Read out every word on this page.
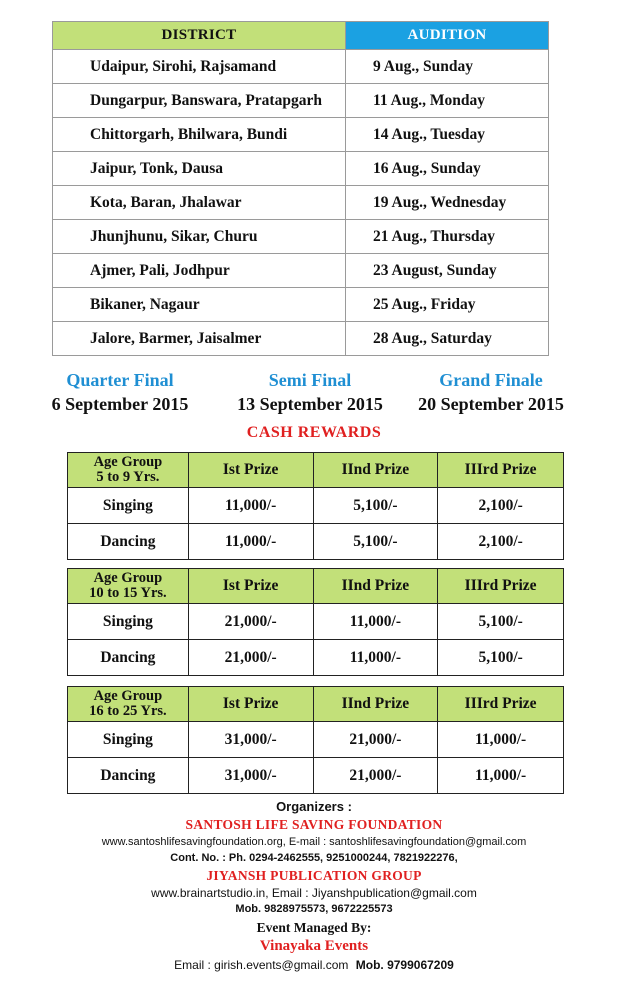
DISTRICT	AUDITION
Udaipur, Sirohi, Rajsamand	9 Aug., Sunday
Dungarpur, Banswara, Pratapgarh	11 Aug., Monday
Chittorgarh, Bhilwara, Bundi	14 Aug., Tuesday
Jaipur, Tonk, Dausa	16 Aug., Sunday
Kota, Baran, Jhalawar	19 Aug., Wednesday
Jhunjhunu, Sikar, Churu	21 Aug., Thursday
Ajmer, Pali, Jodhpur	23 August, Sunday
Bikaner, Nagaur	25 Aug., Friday
Jalore, Barmer, Jaisalmer	28 Aug., Saturday
Quarter Final
6 September 2015
Semi Final
13 September 2015
Grand Finale
20 September 2015
CASH REWARDS
Age Group
5 to 9 Yrs.	Ist Prize	IInd Prize	IIIrd Prize
Singing	11,000/-	5,100/-	2,100/-
Dancing	11,000/-	5,100/-	2,100/-
Age Group
10 to 15 Yrs.	Ist Prize	IInd Prize	IIIrd Prize
Singing	21,000/-	11,000/-	5,100/-
Dancing	21,000/-	11,000/-	5,100/-
Age Group
16 to 25 Yrs.	Ist Prize	IInd Prize	IIIrd Prize
Singing	31,000/-	21,000/-	11,000/-
Dancing	31,000/-	21,000/-	11,000/-
Organizers :
SANTOSH LIFE SAVING FOUNDATION
www.santoshlifesavingfoundation.org, E-mail : santoshlifesavingfoundation@gmail.com
Cont. No. : Ph. 0294-2462555, 9251000244, 7821922276,
JIYANSH PUBLICATION GROUP
www.brainartstudio.in, Email : Jiyanshpublication@gmail.com
Mob. 9828975573, 9672225573
Event Managed By:
Vinayaka Events
Email : girish.events@gmail.com Mob. 9799067209
